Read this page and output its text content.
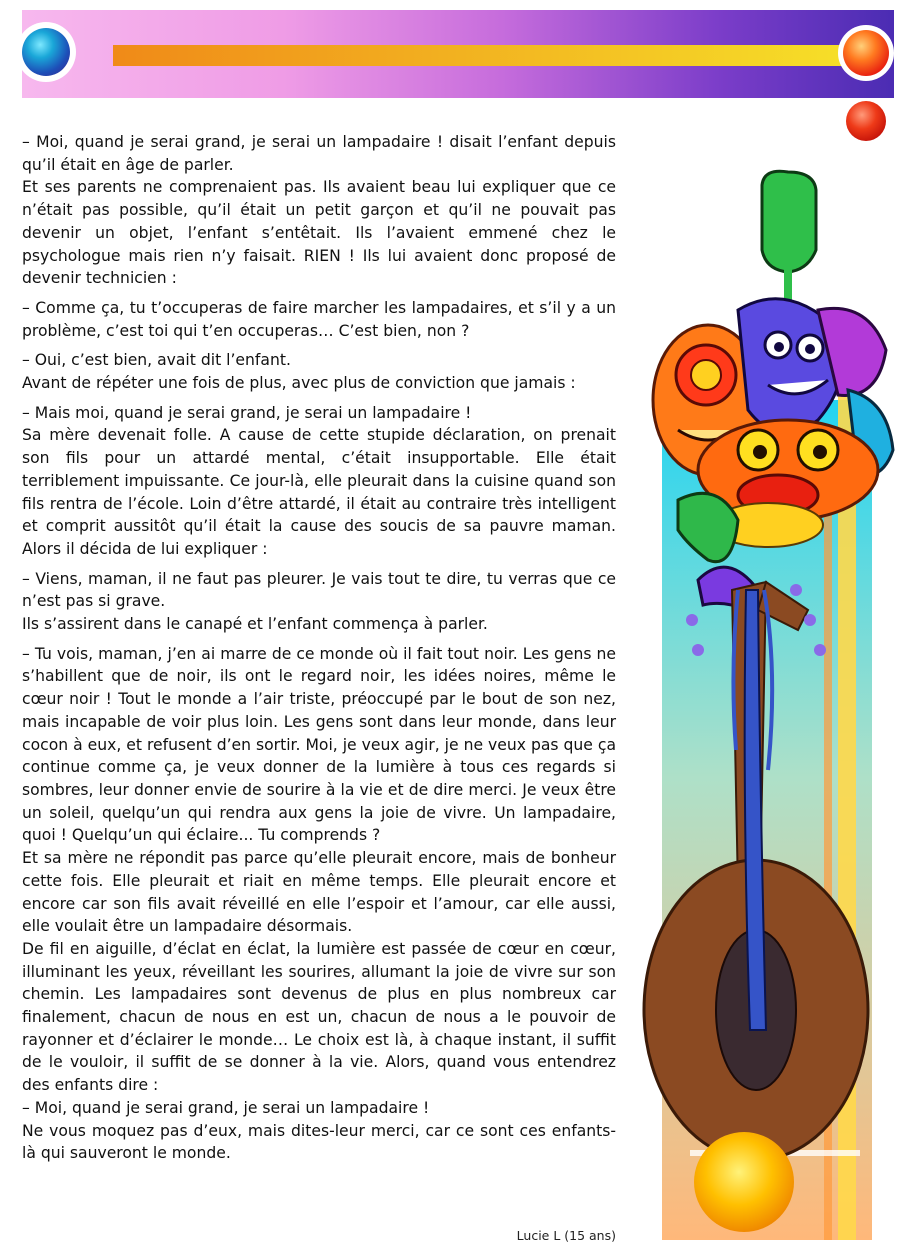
– Moi, quand je serai grand, je serai un lampadaire ! disait l’enfant depuis qu’il était en âge de parler.

Et ses parents ne comprenaient pas. Ils avaient beau lui expliquer que ce n’était pas possible, qu’il était un petit garçon et qu’il ne pouvait pas devenir un objet, l’enfant s’entêtait. Ils l’avaient emmené chez le psychologue mais rien n’y faisait. RIEN ! Ils lui avaient donc proposé de devenir technicien :

– Comme ça, tu t’occuperas de faire marcher les lampadaires, et s’il y a un problème, c’est toi qui t’en occuperas… C’est bien, non ?

– Oui, c’est bien, avait dit l’enfant.

Avant de répéter une fois de plus, avec plus de conviction que jamais :

– Mais moi, quand je serai grand, je serai un lampadaire !

Sa mère devenait folle. A cause de cette stupide déclaration, on prenait son fils pour un attardé mental, c’était insupportable. Elle était terriblement impuissante. Ce jour-là, elle pleurait dans la cuisine quand son fils rentra de l’école. Loin d’être attardé, il était au contraire très intelligent et comprit aussitôt qu’il était la cause des soucis de sa pauvre maman. Alors il décida de lui expliquer :

– Viens, maman, il ne faut pas pleurer. Je vais tout te dire, tu verras que ce n’est pas si grave.

Ils s’assirent dans le canapé et l’enfant commença à parler.

– Tu vois, maman, j’en ai marre de ce monde où il fait tout noir. Les gens ne s’habillent que de noir, ils ont le regard noir, les idées noires, même le cœur noir ! Tout le monde a l’air triste, préoccupé par le bout de son nez, mais incapable de voir plus loin. Les gens sont dans leur monde, dans leur cocon à eux, et refusent d’en sortir. Moi, je veux agir, je ne veux pas que ça continue comme ça, je veux donner de la lumière à tous ces regards si sombres, leur donner envie de sourire à la vie et de dire merci. Je veux être un soleil, quelqu’un qui rendra aux gens la joie de vivre. Un lampadaire, quoi ! Quelqu’un qui éclaire... Tu comprends ?

Et sa mère ne répondit pas parce qu’elle pleurait encore, mais de bonheur cette fois. Elle pleurait et riait en même temps. Elle pleurait encore et encore car son fils avait réveillé en elle l’espoir et l’amour, car elle aussi, elle voulait être un lampadaire désormais.

De fil en aiguille, d’éclat en éclat, la lumière est passée de cœur en cœur, illuminant les yeux, réveillant les sourires, allumant la joie de vivre sur son chemin. Les lampadaires sont devenus de plus en plus nombreux car finalement, chacun de nous en est un, chacun de nous a le pouvoir de rayonner et d’éclairer le monde… Le choix est là, à chaque instant, il suffit de le vouloir, il suffit de se donner à la vie. Alors, quand vous entendrez des enfants dire :

– Moi, quand je serai grand, je serai un lampadaire !

Ne vous moquez pas d’eux, mais dites-leur merci, car ce sont ces enfants-là qui sauveront le monde.

Lucie L (15 ans)
